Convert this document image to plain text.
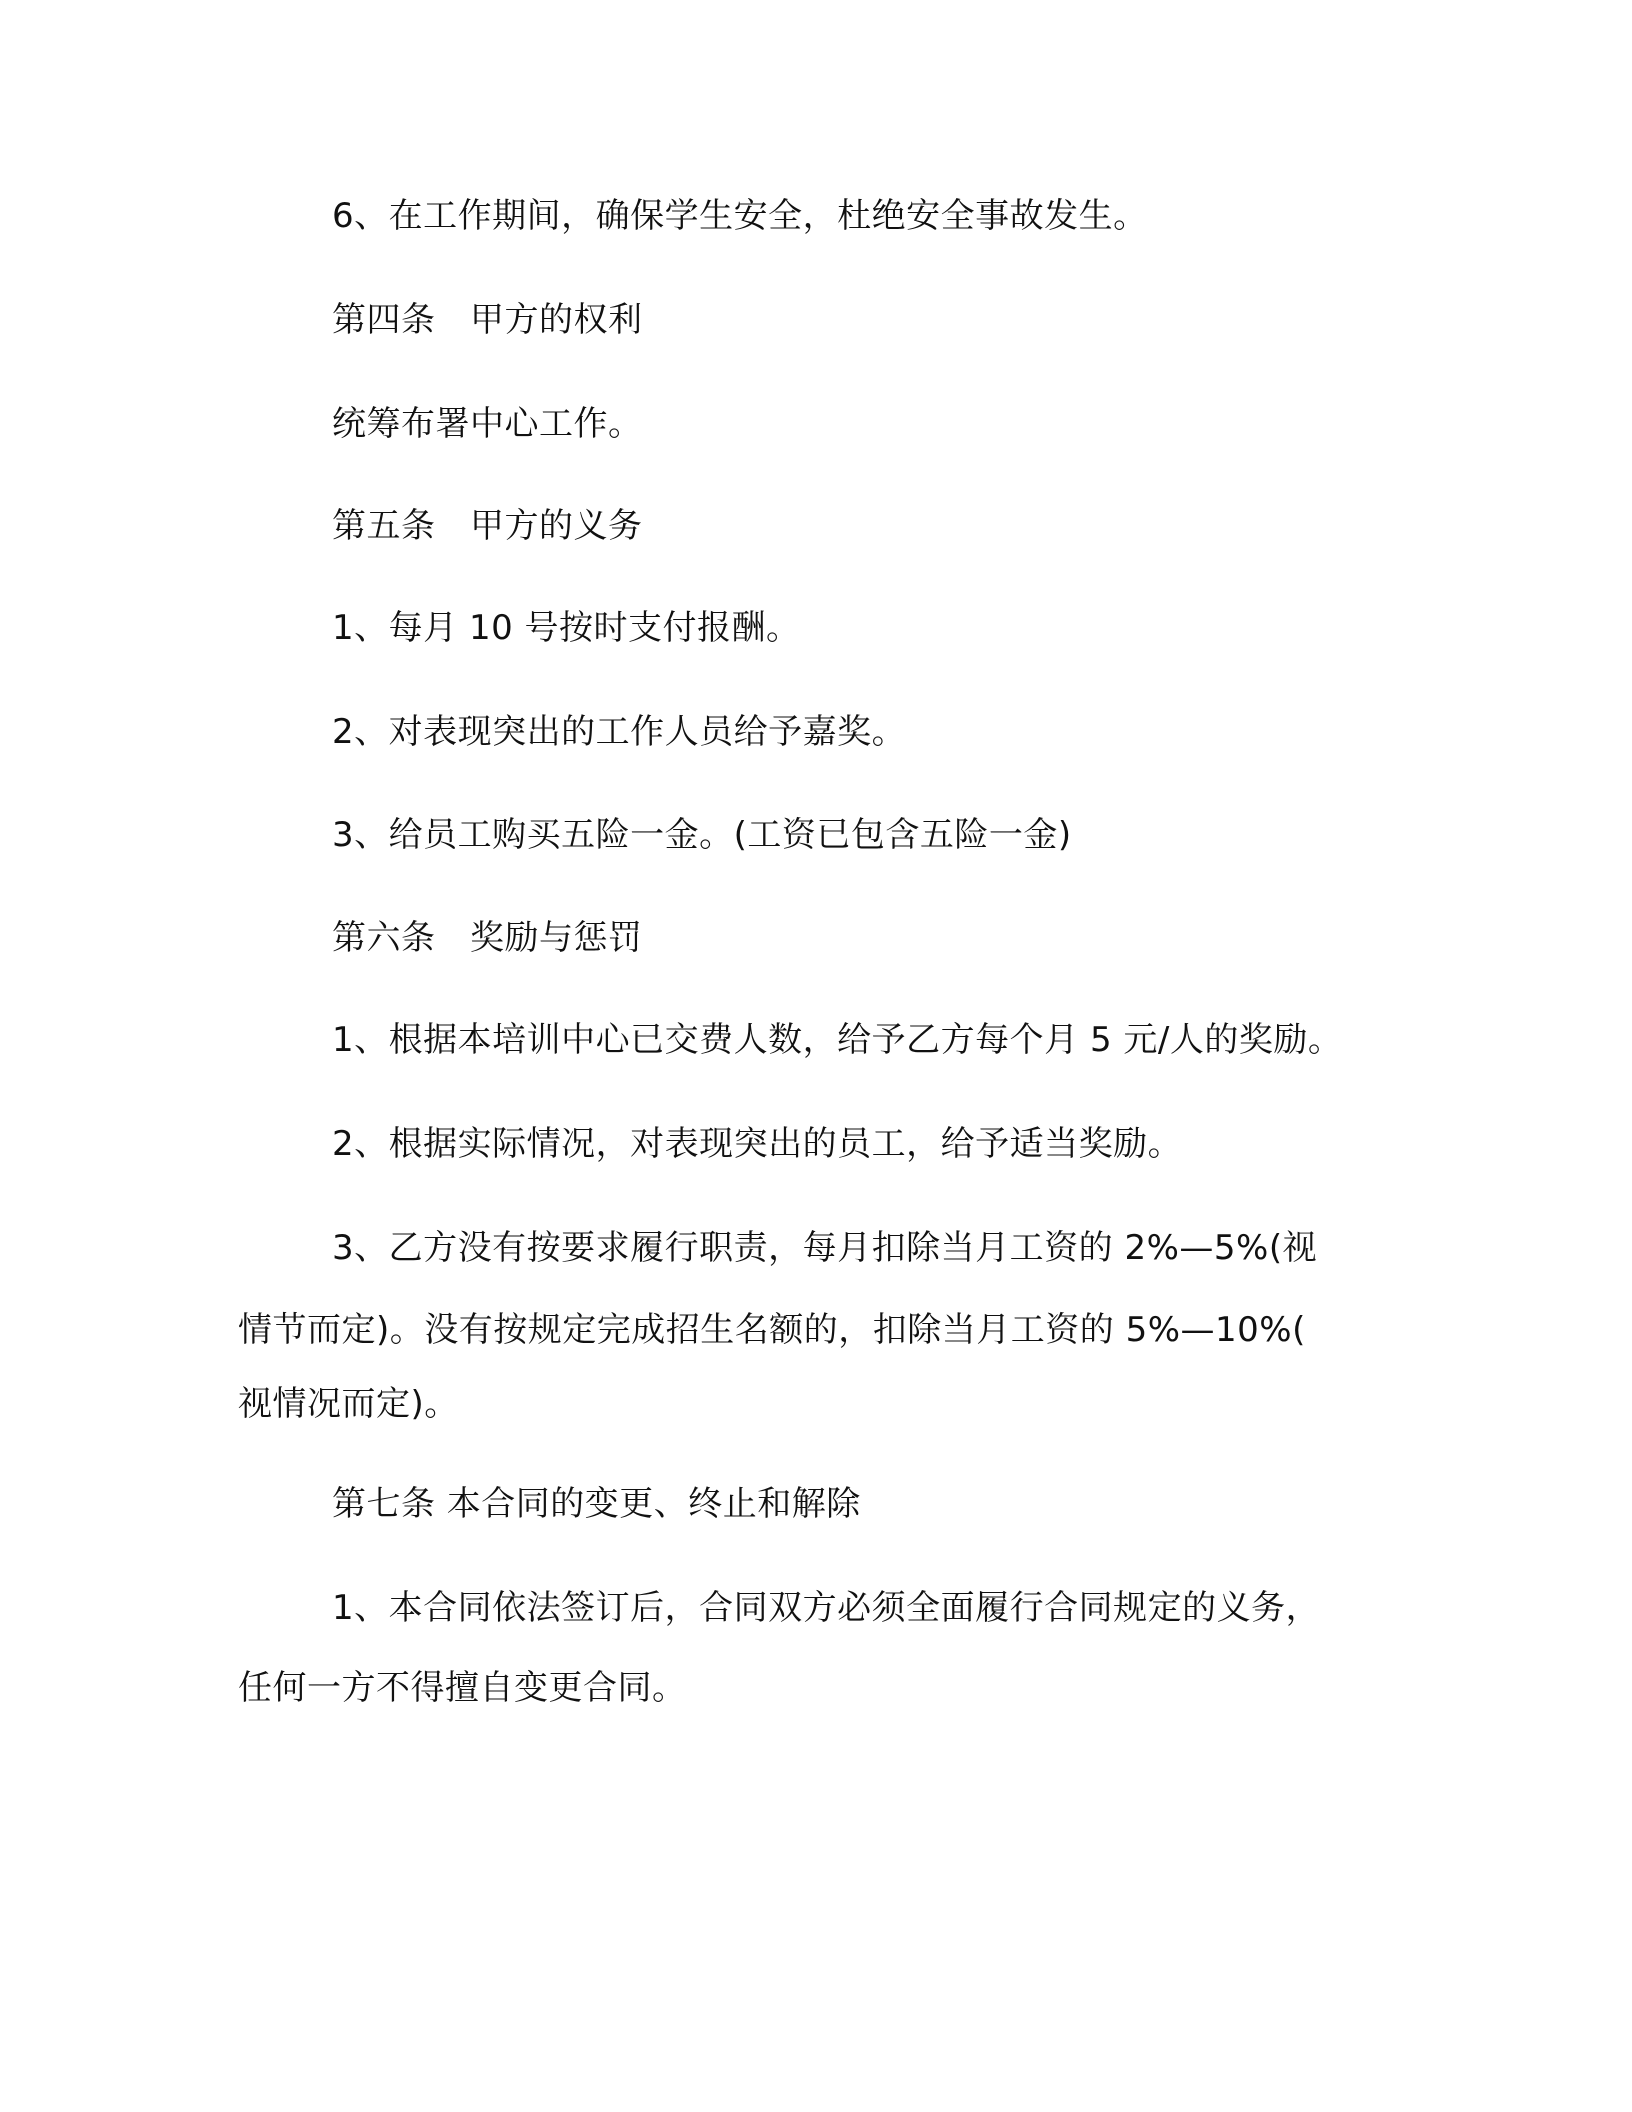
6、在工作期间，确保学生安全，杜绝安全事故发生。
第四条　甲方的权利
统筹布署中心工作。
第五条　甲方的义务
1、每月 10 号按时支付报酬。
2、对表现突出的工作人员给予嘉奖。
3、给员工购买五险一金。(工资已包含五险一金)
第六条　奖励与惩罚
1、根据本培训中心已交费人数，给予乙方每个月 5 元/人的奖励。
2、根据实际情况，对表现突出的员工，给予适当奖励。
3、乙方没有按要求履行职责，每月扣除当月工资的 2%—5%(视
情节而定)。没有按规定完成招生名额的，扣除当月工资的 5%—10%(
视情况而定)。
第七条 本合同的变更、终止和解除
1、本合同依法签订后，合同双方必须全面履行合同规定的义务，
任何一方不得擅自变更合同。
